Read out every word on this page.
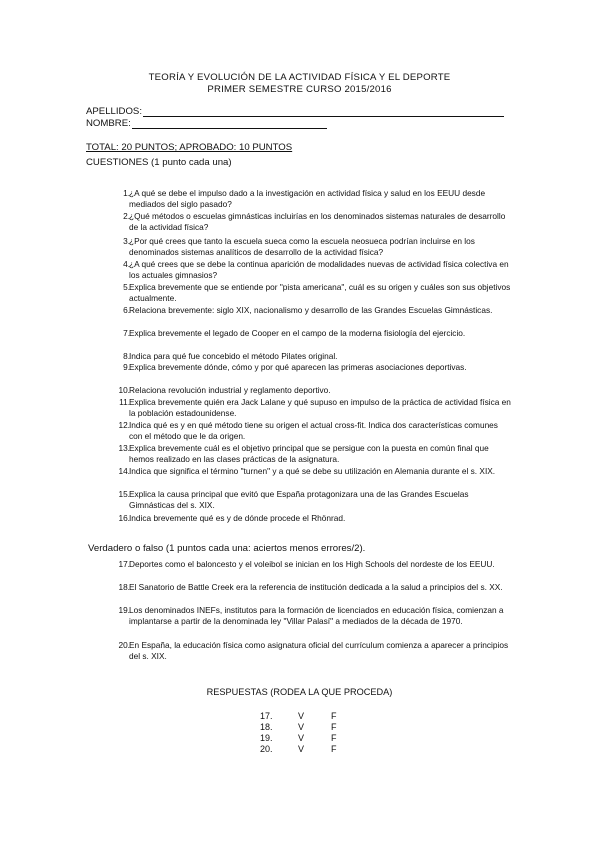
TEORÍA Y EVOLUCIÓN DE LA ACTIVIDAD FÍSICA Y EL DEPORTE
PRIMER SEMESTRE CURSO 2015/2016
APELLIDOS:
NOMBRE:
TOTAL: 20 PUNTOS; APROBADO: 10 PUNTOS
CUESTIONES (1 punto cada una)
1. ¿A qué se debe el impulso dado a la investigación en actividad física y salud en los EEUU desde mediados del siglo pasado?
2. ¿Qué métodos o escuelas gimnásticas incluirías en los denominados sistemas naturales de desarrollo de la actividad física?
3. ¿Por qué crees que tanto la escuela sueca como la escuela neosueca podrían incluirse en los denominados sistemas analíticos de desarrollo de la actividad física?
4. ¿A qué crees que se debe la continua aparición de modalidades nuevas de actividad física colectiva en los actuales gimnasios?
5. Explica brevemente que se entiende por "pista americana", cuál es su origen y cuáles son sus objetivos actualmente.
6. Relaciona brevemente: siglo XIX, nacionalismo y desarrollo de las Grandes Escuelas Gimnásticas.
7. Explica brevemente el legado de Cooper en el campo de la moderna fisiología del ejercicio.
8. Indica para qué fue concebido el método Pilates original.
9. Explica brevemente dónde, cómo y por qué aparecen las primeras asociaciones deportivas.
10. Relaciona revolución industrial y reglamento deportivo.
11. Explica brevemente quién era Jack Lalane y qué supuso en impulso de la práctica de actividad física en la población estadounidense.
12. Indica qué es y en qué método tiene su origen el actual cross-fit. Indica dos características comunes con el método que le da origen.
13. Explica brevemente cuál es el objetivo principal que se persigue con la puesta en común final que hemos realizado en las clases prácticas de la asignatura.
14. Indica que significa el término "turnen" y a qué se debe su utilización en Alemania durante el s. XIX.
15. Explica la causa principal que evitó que España protagonizara una de las Grandes Escuelas Gimnásticas del s. XIX.
16. Indica brevemente qué es y de dónde procede el Rhönrad.
Verdadero o falso (1 puntos cada una: aciertos menos errores/2).
17. Deportes como el baloncesto y el voleibol se inician en los High Schools del nordeste de los EEUU.
18. El Sanatorio de Battle Creek era la referencia de institución dedicada a la salud a principios del s. XX.
19. Los denominados INEFs, institutos para la formación de licenciados en educación física, comienzan a implantarse a partir de la denominada ley "Villar Palasí" a mediados de la década de 1970.
20. En España, la educación física como asignatura oficial del currículum comienza a aparecer a principios del s. XIX.
RESPUESTAS (RODEA LA QUE PROCEDA)
17.	V	F
18.	V	F
19.	V	F
20.	V	F
